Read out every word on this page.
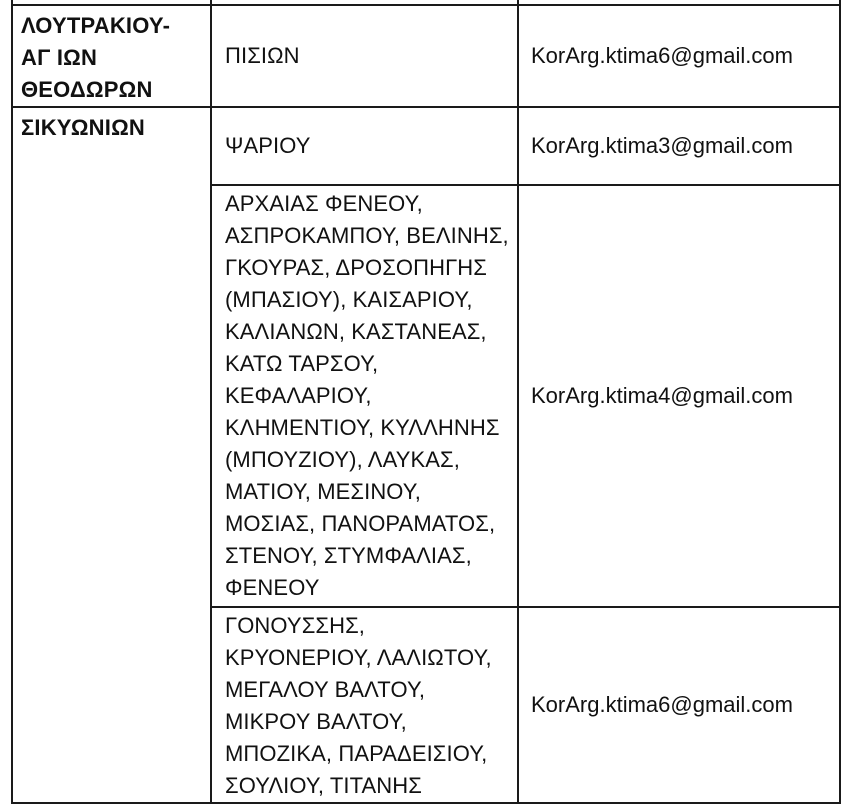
ΛΟΥΤΡΑΚΙΟΥ-ΑΓ ΙΩΝ ΘΕΟΔΩΡΩΝ	ΠΙΣΙΩΝ	KorArg.ktima6@gmail.com

ΣΙΚΥΩΝΙΩΝ	ΨΑΡΙΟΥ	KorArg.ktima3@gmail.com

	ΑΡΧΑΙΑΣ ΦΕΝΕΟΥ, ΑΣΠΡΟΚΑΜΠΟΥ, ΒΕΛΙΝΗΣ, ΓΚΟΥΡΑΣ, ΔΡΟΣΟΠΗΓΗΣ (ΜΠΑΣΙΟΥ), ΚΑΙΣΑΡΙΟΥ, ΚΑΛΙΑΝΩΝ, ΚΑΣΤΑΝΕΑΣ, ΚΑΤΩ ΤΑΡΣΟΥ, ΚΕΦΑΛΑΡΙΟΥ, ΚΛΗΜΕΝΤΙΟΥ, ΚΥΛΛΗΝΗΣ (ΜΠΟΥΖΙΟΥ), ΛΑΥΚΑΣ, ΜΑΤΙΟΥ, ΜΕΣΙΝΟΥ, ΜΟΣΙΑΣ, ΠΑΝΟΡΑΜΑΤΟΣ, ΣΤΕΝΟΥ, ΣΤΥΜΦΑΛΙΑΣ, ΦΕΝΕΟΥ	KorArg.ktima4@gmail.com

	ΓΟΝΟΥΣΣΗΣ, ΚΡΥΟΝΕΡΙΟΥ, ΛΑΛΙΩΤΟΥ, ΜΕΓΑΛΟΥ ΒΑΛΤΟΥ, ΜΙΚΡΟΥ ΒΑΛΤΟΥ, ΜΠΟΖΙΚΑ, ΠΑΡΑΔΕΙΣΙΟΥ, ΣΟΥΛΙΟΥ, ΤΙΤΑΝΗΣ	KorArg.ktima6@gmail.com
